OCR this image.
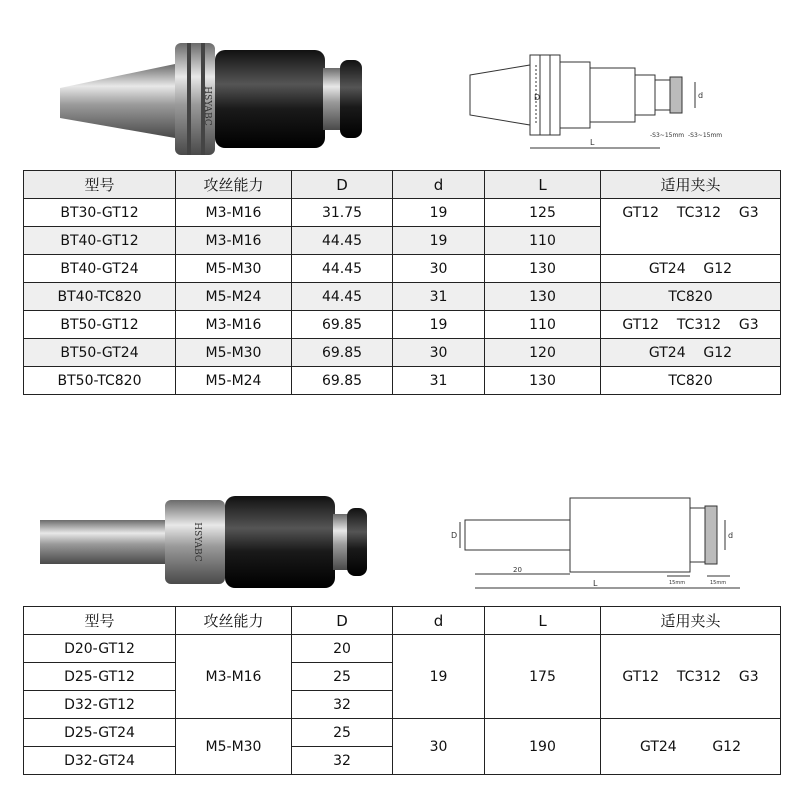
HSYABC	D	d
L
-S3~15mm -S3~15mm
型号	攻丝能力	D	d	L	适用夹头
BT30-GT12	M3-M16	31.75	19	125	GT12    TC312    G3
BT40-GT12	M3-M16	44.45	19	110	
BT40-GT24	M5-M30	44.45	30	130	GT24    G12
BT40-TC820	M5-M24	44.45	31	130	TC820
BT50-GT12	M3-M16	69.85	19	110	GT12    TC312    G3
BT50-GT24	M5-M30	69.85	30	120	GT24    G12
BT50-TC820	M5-M24	69.85	31	130	TC820
HSYABC	D	d
20
L	15mm	15mm
型号	攻丝能力	D	d	L	适用夹头
D20-GT12	M3-M16	20	19	175	GT12    TC312    G3
D25-GT12		25			
D32-GT12		32			
D25-GT24	M5-M30	25	30	190	GT24        G12
D32-GT24		32			
